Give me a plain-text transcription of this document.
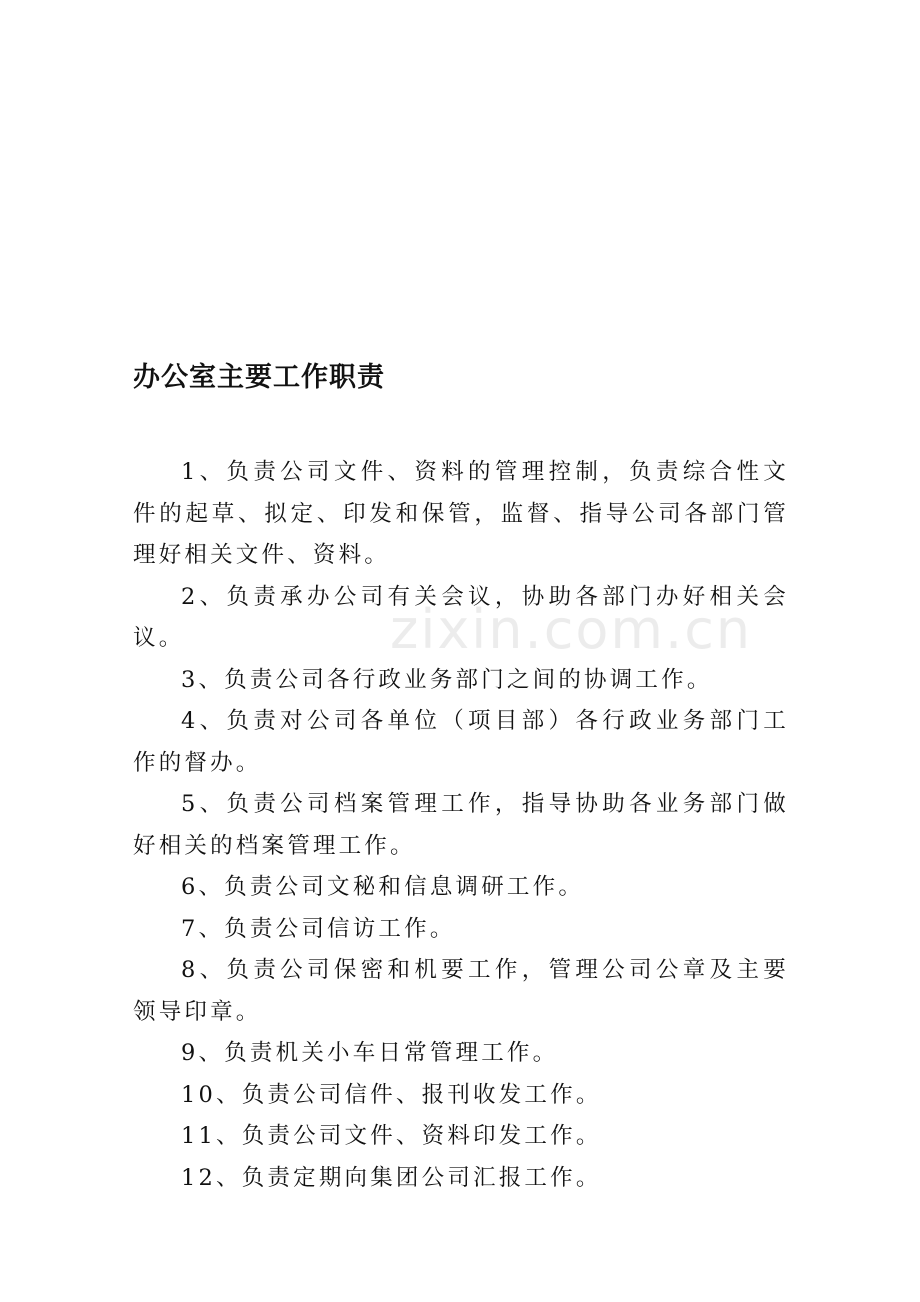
办公室主要工作职责

1、负责公司文件、资料的管理控制，负责综合性文件的起草、拟定、印发和保管，监督、指导公司各部门管理好相关文件、资料。

2、负责承办公司有关会议，协助各部门办好相关会议。

3、负责公司各行政业务部门之间的协调工作。

4、负责对公司各单位（项目部）各行政业务部门工作的督办。

5、负责公司档案管理工作，指导协助各业务部门做好相关的档案管理工作。

6、负责公司文秘和信息调研工作。

7、负责公司信访工作。

8、负责公司保密和机要工作，管理公司公章及主要领导印章。

9、负责机关小车日常管理工作。

10、负责公司信件、报刊收发工作。

11、负责公司文件、资料印发工作。

12、负责定期向集团公司汇报工作。

zixin.com.cn
